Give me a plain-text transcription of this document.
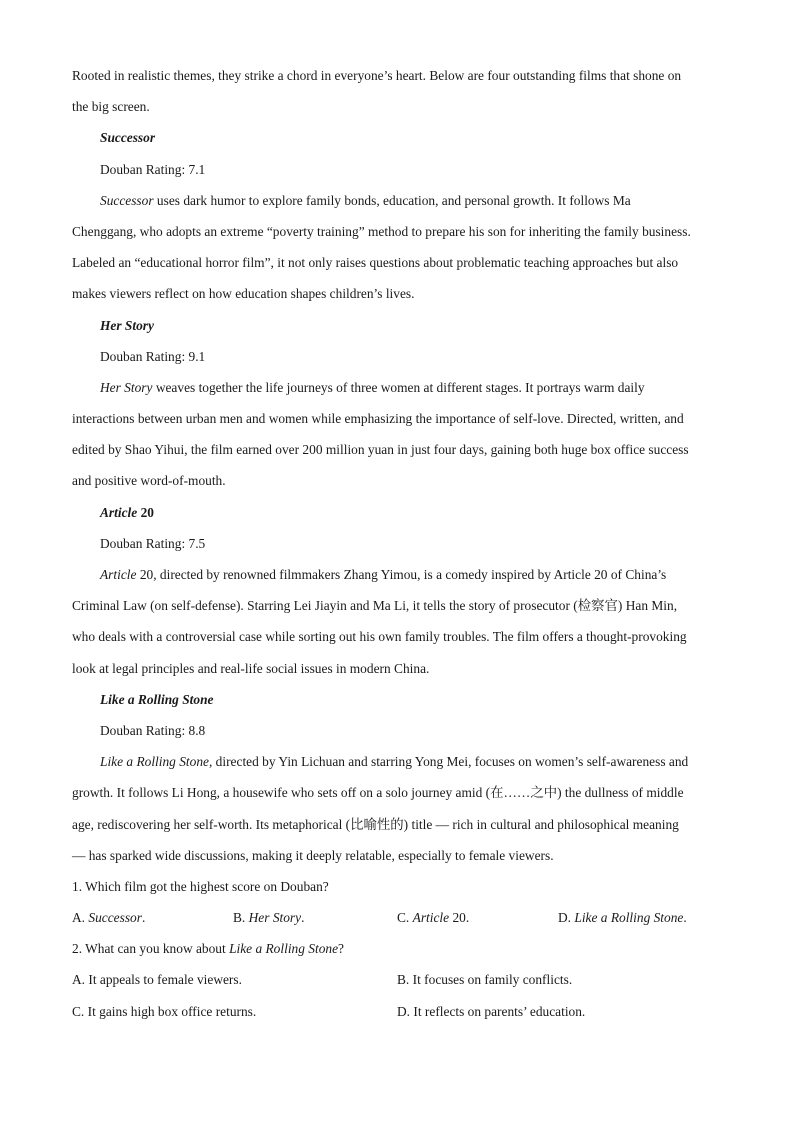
Rooted in realistic themes, they strike a chord in everyone’s heart. Below are four outstanding films that shone on
the big screen.
Successor
Douban Rating: 7.1
Successor uses dark humor to explore family bonds, education, and personal growth. It follows Ma
Chenggang, who adopts an extreme “poverty training” method to prepare his son for inheriting the family business.
Labeled an “educational horror film”, it not only raises questions about problematic teaching approaches but also
makes viewers reflect on how education shapes children’s lives.
Her Story
Douban Rating: 9.1
Her Story weaves together the life journeys of three women at different stages. It portrays warm daily
interactions between urban men and women while emphasizing the importance of self-love. Directed, written, and
edited by Shao Yihui, the film earned over 200 million yuan in just four days, gaining both huge box office success
and positive word-of-mouth.
Article 20
Douban Rating: 7.5
Article 20, directed by renowned filmmakers Zhang Yimou, is a comedy inspired by Article 20 of China’s
Criminal Law (on self-defense). Starring Lei Jiayin and Ma Li, it tells the story of prosecutor (检察官) Han Min,
who deals with a controversial case while sorting out his own family troubles. The film offers a thought-provoking
look at legal principles and real-life social issues in modern China.
Like a Rolling Stone
Douban Rating: 8.8
Like a Rolling Stone, directed by Yin Lichuan and starring Yong Mei, focuses on women’s self-awareness and
growth. It follows Li Hong, a housewife who sets off on a solo journey amid (在……之中) the dullness of middle
age, rediscovering her self-worth. Its metaphorical (比喻性的) title — rich in cultural and philosophical meaning
— has sparked wide discussions, making it deeply relatable, especially to female viewers.
1. Which film got the highest score on Douban?
A. Successor.	B. Her Story.	C. Article 20.	D. Like a Rolling Stone.
2. What can you know about Like a Rolling Stone?
A. It appeals to female viewers.	B. It focuses on family conflicts.
C. It gains high box office returns.	D. It reflects on parents’ education.
